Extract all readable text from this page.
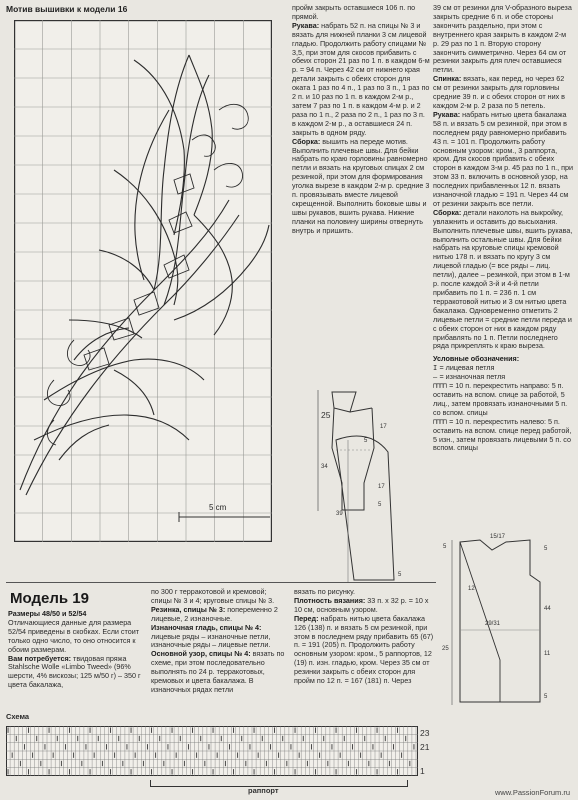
Мотив вышивки к модели 16
5 cm

пройм закрыть оставшиеся 106 п. по прямой.

Рукава: набрать 52 п. на спицы № 3 и вязать для нижней планки 3 см лицевой гладью. Продолжить работу спицами № 3,5, при этом для скосов прибавить с обеих сторон 21 раз по 1 п. в каждом 6-м р. = 94 п. Через 42 см от нижнего края детали закрыть с обеих сторон для оката 1 раз по 4 п., 1 раз по 3 п., 1 раз по 2 п. и 10 раз по 1 п. в каждом 2-м р., затем 7 раз по 1 п. в каждом 4-м р. и 2 раза по 1 п., 2 раза по 2 п., 1 раз по 3 п. в каждом 2-м р., а оставшиеся 24 п. закрыть в одном ряду.

Сборка: вышить на переде мотив. Выполнить плечевые швы. Для бейки набрать по краю горловины равномерно петли и вязать на круговых спицах 2 см резинкой, при этом для формирования уголка вырезе в каждом 2-м р. средние 3 п. провязывать вместе лицевой скрещенной. Выполнить боковые швы и швы рукавов, вшить рукава. Нижние планки на половину ширины отвернуть внутрь и пришить.

39 см от резинки для V-образного выреза закрыть средние 6 п. и обе стороны закончить раздельно, при этом с внутреннего края закрыть в каждом 2-м р. 29 раз по 1 п. Вторую сторону закончить симметрично. Через 64 см от резинки закрыть для плеч оставшиеся петли.

Спинка: вязать, как перед, но через 62 см от резинки закрыть для горловины средние 39 п. и с обеих сторон от них в каждом 2-м р. 2 раза по 5 петель.

Рукава: набрать нитью цвета бакалажа 58 п. и вязать 5 см резинкой, при этом в последнем ряду равномерно прибавить 43 п. = 101 п. Продолжить работу основным узором: кром., 3 раппорта, кром. Для скосов прибавить с обеих сторон в каждом 3-м р. 45 раз по 1 п., при этом 33 п. включить в основной узор, на последних прибавленных 12 п. вязать изнаночной гладью = 191 п. Через 44 см от резинки закрыть все петли.

Сборка: детали наколоть на выкройку, увлажнить и оставить до высыхания. Выполнить плечевые швы, вшить рукава, выполнить остальные швы. Для бейки набрать на круговые спицы кремовой нитью 178 п. и вязать по кругу 3 см лицевой гладью (= все ряды – лиц. петли), далее – резинкой, при этом в 1-м р. после каждой 3-й и 4-й петли прибавить по 1 п. = 236 п. 1 см терракотовой нитью и 3 см нитью цвета бакалажа. Одновременно отметить 2 лицевые петли = средние петли переда и с обеих сторон от них в каждом ряду прибавлять по 1 п. Петли последнего ряда прикреплять к краю выреза.

Условные обозначения:

I = лицевая петля

– = изнаночная петля

⊓⊓⊓⊓ = 10 п. перекрестить направо: 5 п. оставить на вспом. спице за работой, 5 лиц., затем провязать изнаночными 5 п. со вспом. спицы

⊓⊓⊓⊓ = 10 п. перекрестить налево: 5 п. оставить на вспом. спице перед работой, 5 изн., затем провязать лицевыми 5 п. со вспом. спицы

25
17
34
17
5
5
39
5
15/17
5	5
44
12
29/31
25
11
5
Модель 19

Размеры 48/50 и 52/54

Отличающиеся данные для размера 52/54 приведены в скобках. Если стоит только одно число, то оно относится к обоим размерам.

Вам потребуется: твидовая пряжа Stahlsche Wolle «Limbo Tweed» (96% шерсти, 4% вискозы; 125 м/50 г) – 350 г цвета бакалажа,

по 300 г терракотовой и кремовой; спицы № 3 и 4; круговые спицы № 3.

Резинка, спицы № 3: попеременно 2 лицевые, 2 изнаночные.

Изнаночная гладь, спицы № 4: лицевые ряды – изнаночные петли, изнаночные ряды – лицевые петли.

Основной узор, спицы № 4: вязать по схеме, при этом последовательно выполнять по 24 р. терракотовых, кремовых и цвета бакалажа. В изнаночных рядах петли

вязать по рисунку.

Плотность вязания: 33 п. х 32 р. = 10 х 10 см, основным узором.

Перед: набрать нитью цвета бакалажа 126 (138) п. и вязать 5 см резинкой, при этом в последнем ряду прибавить 65 (67) п. = 191 (205) п. Продолжить работу основным узором: кром., 5 раппортов, 12 (19) п. изн. гладью, кром. Через 35 см от резинки закрыть с обеих сторон для пройм по 12 п. = 167 (181) п. Через

Схема
23
21
1
раппорт	www.PassionForum.ru
